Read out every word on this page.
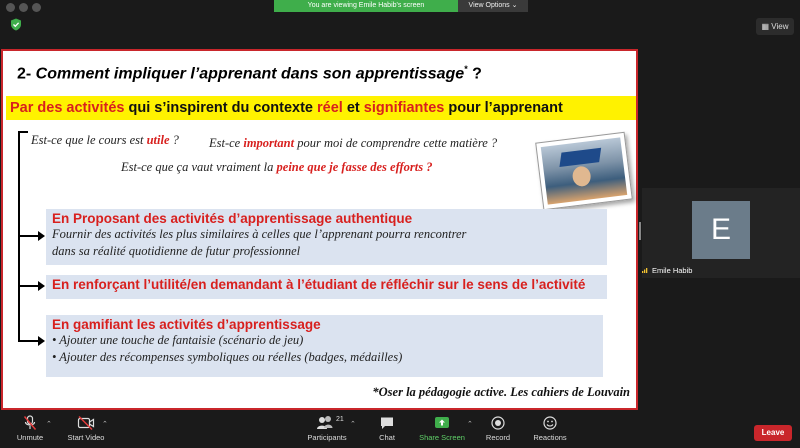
You are viewing Emile Habib's screen	View Options ⌄
▦ View
2- Comment impliquer l’apprenant dans son apprentissage* ?
Par des activités qui s’inspirent du contexte réel et signifiantes pour l’apprenant
Est-ce que le cours est utile ? Est-ce important pour moi de comprendre cette matière ?
Est-ce que ça vaut vraiment la peine que je fasse des efforts ?
En Proposant des activités d’apprentissage authentique
Fournir des activités les plus similaires à celles que l’apprenant pourra rencontrer
dans sa réalité quotidienne de futur professionnel
En renforçant l’utilité/en demandant à l’étudiant de réfléchir sur le sens de l’activité
En gamifiant les activités d’apprentissage
• Ajouter une touche de fantaisie (scénario de jeu)
• Ajouter des récompenses symboliques ou réelles (badges, médailles)
*Oser la pédagogie active. Les cahiers de Louvain
E
Emile Habib
Unmute
⌃
Start Video
⌃
Participants
21
⌃
Chat	Share Screen
⌃
Record	Reactions
Leave
